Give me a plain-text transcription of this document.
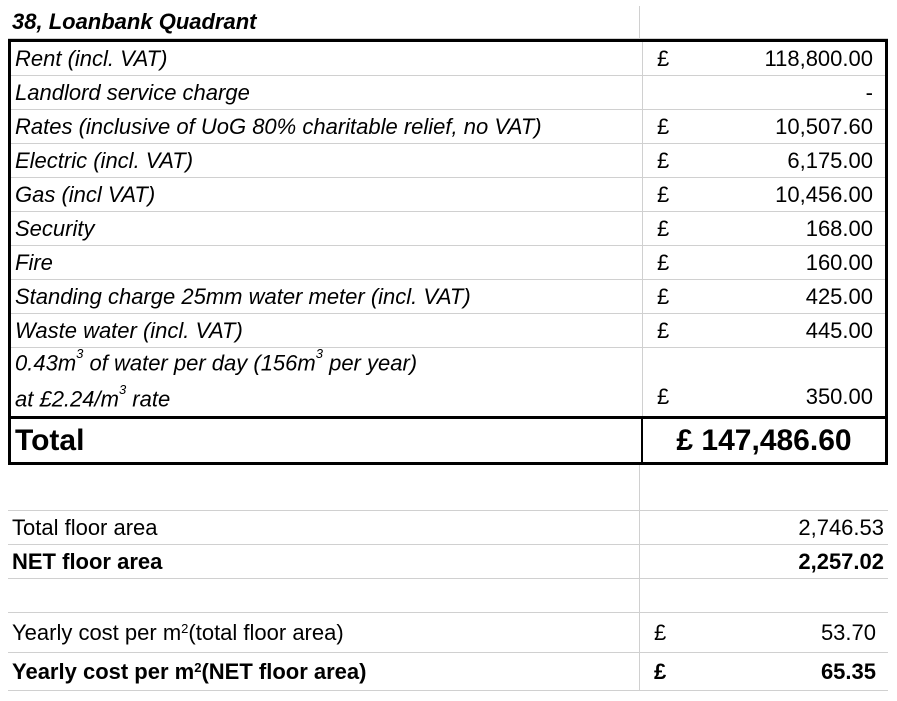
38, Loanbank Quadrant
Rent (incl. VAT)	£	118,800.00
Landlord service charge	-
Rates (inclusive of UoG 80% charitable relief, no VAT)	£	10,507.60
Electric (incl. VAT)	£	6,175.00
Gas (incl VAT)	£	10,456.00
Security	£	168.00
Fire	£	160.00
Standing charge 25mm water meter (incl. VAT)	£	425.00
Waste water (incl. VAT)	£	445.00
$0.43m^3$ of water per day ($156m^3$ per year)
at $£2.24/m^3$ rate	£	350.00
Total	£ 147,486.60
Total floor area	2,746.53
NET floor area	2,257.02
Yearly cost per $m^2$ (total floor area)	£	53.70
Yearly cost per $m^2$ (NET floor area)	£	65.35
